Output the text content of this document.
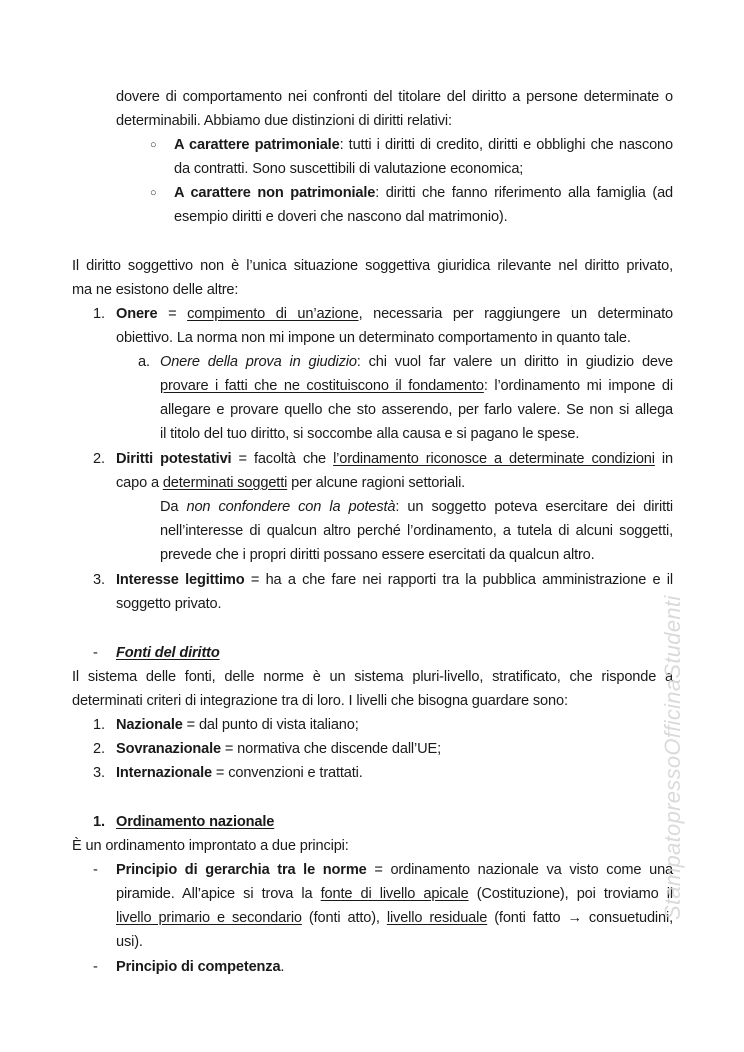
dovere di comportamento nei confronti del titolare del diritto a persone determinate o
determinabili. Abbiamo due distinzioni di diritti relativi:
○ A carattere patrimoniale: tutti i diritti di credito, diritti e obblighi che nascono
da contratti. Sono suscettibili di valutazione economica;
○ A carattere non patrimoniale: diritti che fanno riferimento alla famiglia (ad
esempio diritti e doveri che nascono dal matrimonio).
Il diritto soggettivo non è l’unica situazione soggettiva giuridica rilevante nel diritto privato,
ma ne esistono delle altre:
1. Onere = compimento di un’azione, necessaria per raggiungere un determinato
obiettivo. La norma non mi impone un determinato comportamento in quanto tale.
a. Onere della prova in giudizio: chi vuol far valere un diritto in giudizio deve
provare i fatti che ne costituiscono il fondamento: l’ordinamento mi impone di
allegare e provare quello che sto asserendo, per farlo valere. Se non si allega
il titolo del tuo diritto, si soccombe alla causa e si pagano le spese.
2. Diritti potestativi = facoltà che l’ordinamento riconosce a determinate condizioni in
capo a determinati soggetti per alcune ragioni settoriali.
Da non confondere con la potestà: un soggetto poteva esercitare dei diritti
nell’interesse di qualcun altro perché l’ordinamento, a tutela di alcuni soggetti,
prevede che i propri diritti possano essere esercitati da qualcun altro.
3. Interesse legittimo = ha a che fare nei rapporti tra la pubblica amministrazione e il
soggetto privato.
- Fonti del diritto
Il sistema delle fonti, delle norme è un sistema pluri-livello, stratificato, che risponde a
determinati criteri di integrazione tra di loro. I livelli che bisogna guardare sono:
1. Nazionale = dal punto di vista italiano;
2. Sovranazionale = normativa che discende dall’UE;
3. Internazionale = convenzioni e trattati.
1. Ordinamento nazionale
È un ordinamento improntato a due principi:
- Principio di gerarchia tra le norme = ordinamento nazionale va visto come una
piramide. All’apice si trova la fonte di livello apicale (Costituzione), poi troviamo il
livello primario e secondario (fonti atto), livello residuale (fonti fatto → consuetudini,
usi).
- Principio di competenza.
StampatopressoOfficinaStudenti
